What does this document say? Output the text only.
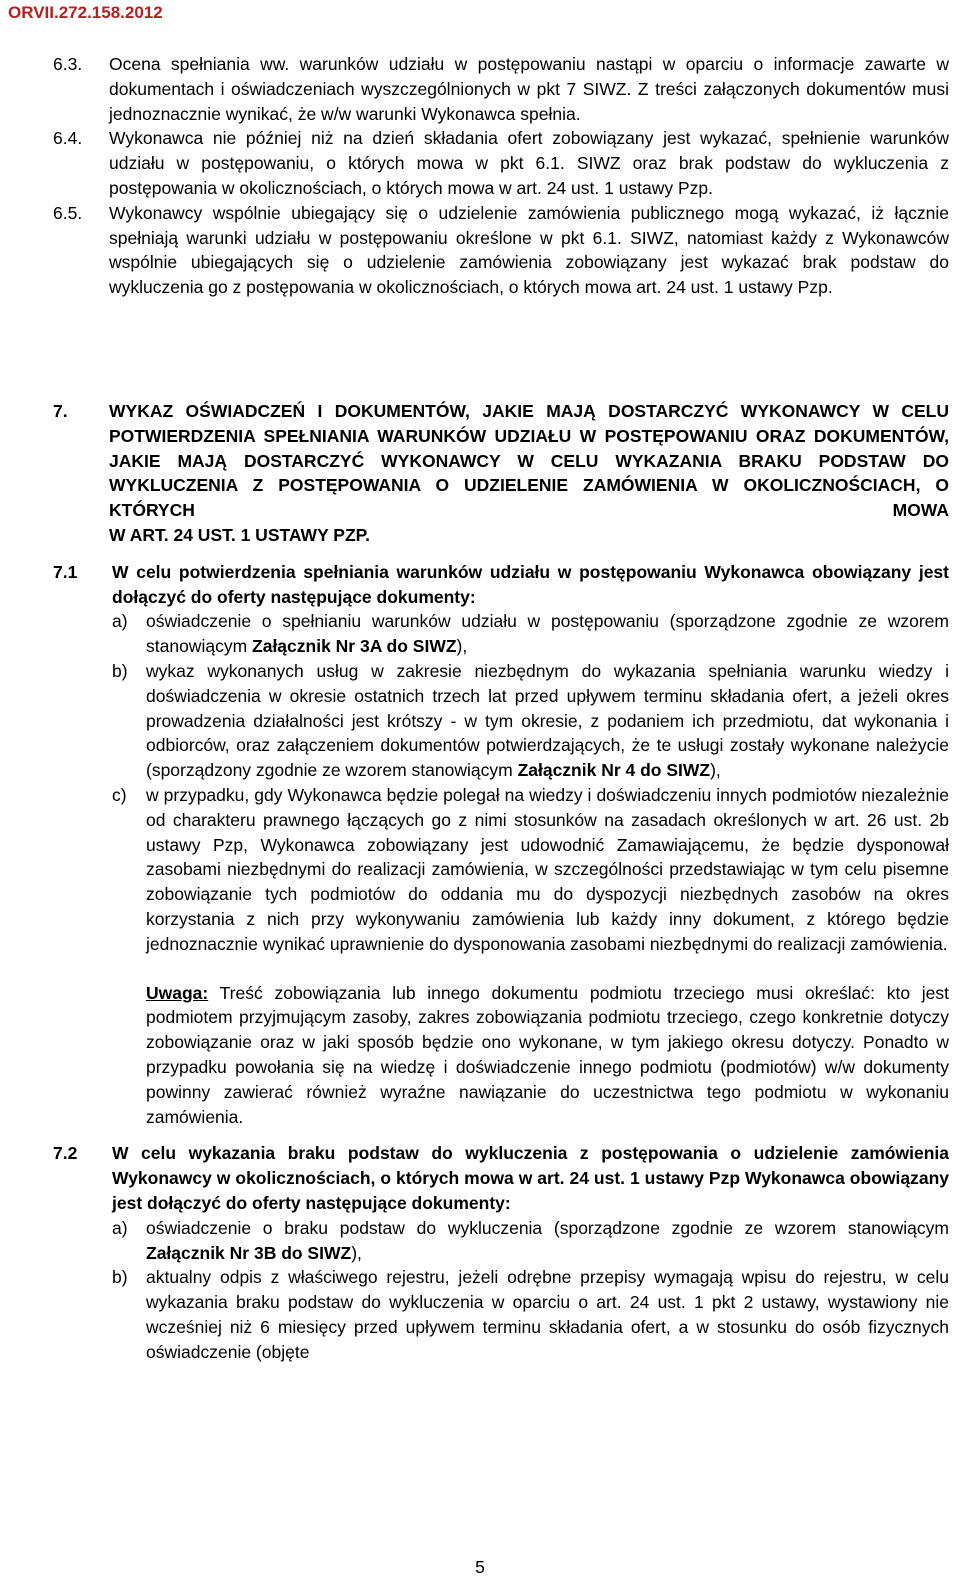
ORVII.272.158.2012
6.3.	Ocena spełniania ww. warunków udziału w postępowaniu nastąpi w oparciu o informacje zawarte w dokumentach i oświadczeniach wyszczególnionych w pkt 7 SIWZ. Z treści załączonych dokumentów musi jednoznacznie wynikać, że w/w warunki Wykonawca spełnia.
6.4.	Wykonawca nie później niż na dzień składania ofert zobowiązany jest wykazać, spełnienie warunków udziału w postępowaniu, o których mowa w pkt 6.1. SIWZ oraz brak podstaw do wykluczenia z postępowania w okolicznościach, o których mowa w art. 24 ust. 1 ustawy Pzp.
6.5.	Wykonawcy wspólnie ubiegający się o udzielenie zamówienia publicznego mogą wykazać, iż łącznie spełniają warunki udziału w postępowaniu określone w pkt 6.1. SIWZ, natomiast każdy z Wykonawców wspólnie ubiegających się o udzielenie zamówienia zobowiązany jest wykazać brak podstaw do wykluczenia go z postępowania w okolicznościach, o których mowa art. 24 ust. 1 ustawy Pzp.
7.	WYKAZ OŚWIADCZEŃ I DOKUMENTÓW, JAKIE MAJĄ DOSTARCZYĆ WYKONAWCY W CELU POTWIERDZENIA SPEŁNIANIA WARUNKÓW UDZIAŁU W POSTĘPOWANIU ORAZ DOKUMENTÓW, JAKIE MAJĄ DOSTARCZYĆ WYKONAWCY W CELU WYKAZANIA BRAKU PODSTAW DO WYKLUCZENIA Z POSTĘPOWANIA O UDZIELENIE ZAMÓWIENIA W OKOLICZNOŚCIACH, O KTÓRYCH MOWA
W ART. 24 UST. 1 USTAWY PZP.
7.1	W celu potwierdzenia spełniania warunków udziału w postępowaniu Wykonawca obowiązany jest dołączyć do oferty następujące dokumenty:
a)	oświadczenie o spełnianiu warunków udziału w postępowaniu (sporządzone zgodnie ze wzorem stanowiącym Załącznik Nr 3A do SIWZ),
b)	wykaz wykonanych usług w zakresie niezbędnym do wykazania spełniania warunku wiedzy i doświadczenia w okresie ostatnich trzech lat przed upływem terminu składania ofert, a jeżeli okres prowadzenia działalności jest krótszy - w tym okresie, z podaniem ich przedmiotu, dat wykonania i odbiorców, oraz załączeniem dokumentów potwierdzających, że te usługi zostały wykonane należycie (sporządzony zgodnie ze wzorem stanowiącym Załącznik Nr 4 do SIWZ),
c)	w przypadku, gdy Wykonawca będzie polegał na wiedzy i doświadczeniu innych podmiotów niezależnie od charakteru prawnego łączących go z nimi stosunków na zasadach określonych w art. 26 ust. 2b ustawy Pzp, Wykonawca zobowiązany jest udowodnić Zamawiającemu, że będzie dysponował zasobami niezbędnymi do realizacji zamówienia, w szczególności przedstawiając w tym celu pisemne zobowiązanie tych podmiotów do oddania mu do dyspozycji niezbędnych zasobów na okres korzystania z nich przy wykonywaniu zamówienia lub każdy inny dokument, z którego będzie jednoznacznie wynikać uprawnienie do dysponowania zasobami niezbędnymi do realizacji zamówienia.
Uwaga: Treść zobowiązania lub innego dokumentu podmiotu trzeciego musi określać: kto jest podmiotem przyjmującym zasoby, zakres zobowiązania podmiotu trzeciego, czego konkretnie dotyczy zobowiązanie oraz w jaki sposób będzie ono wykonane, w tym jakiego okresu dotyczy. Ponadto w przypadku powołania się na wiedzę i doświadczenie innego podmiotu (podmiotów) w/w dokumenty powinny zawierać również wyraźne nawiązanie do uczestnictwa tego podmiotu w wykonaniu zamówienia.
7.2	W celu wykazania braku podstaw do wykluczenia z postępowania o udzielenie zamówienia Wykonawcy w okolicznościach, o których mowa w art. 24 ust. 1 ustawy Pzp Wykonawca obowiązany jest dołączyć do oferty następujące dokumenty:
a)	oświadczenie o braku podstaw do wykluczenia (sporządzone zgodnie ze wzorem stanowiącym Załącznik Nr 3B do SIWZ),
b)	aktualny odpis z właściwego rejestru, jeżeli odrębne przepisy wymagają wpisu do rejestru, w celu wykazania braku podstaw do wykluczenia w oparciu o art. 24 ust. 1 pkt 2 ustawy, wystawiony nie wcześniej niż 6 miesięcy przed upływem terminu składania ofert, a w stosunku do osób fizycznych oświadczenie (objęte
5
